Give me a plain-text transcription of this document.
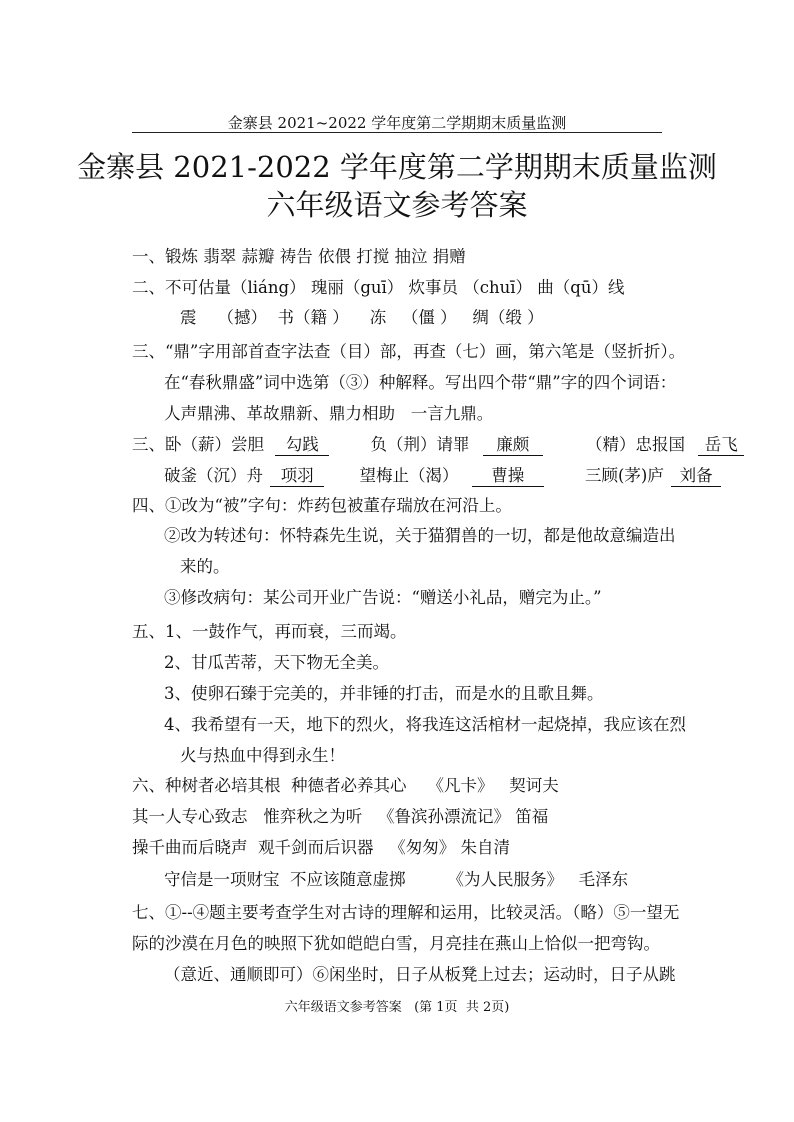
金寨县 2021~2022 学年度第二学期期末质量监测
金寨县 2021-2022 学年度第二学期期末质量监测
六年级语文参考答案
一、锻炼 翡翠 蒜瓣 祷告 依偎 打搅 抽泣 捐赠
二、不可估量（liáng） 瑰丽（guī） 炊事员 （chuī） 曲（qū）线
震    （撼）  书（籍 ）    冻   （僵 ）   绸（缎 ）
三、“鼎”字用部首查字法查（目）部，再查（七）画，第六笔是（竖折折）。
在“春秋鼎盛”词中选第（③）种解释。写出四个带“鼎”字的四个词语：
人声鼎沸、革故鼎新、鼎力相助   一言九鼎。
三、卧（薪）尝胆 勾践	负（荆）请罪 廉颇	（精）忠报国 岳飞
破釜（沉）舟 项羽	望梅止（渴） 曹操	三顾(茅)庐 刘备
四、①改为“被”字句：炸药包被董存瑞放在河沿上。
②改为转述句：怀特森先生说，关于猫猬兽的一切，都是他故意编造出
来的。
③修改病句：某公司开业广告说：“赠送小礼品，赠完为止。”
五、1、一鼓作气，再而衰，三而竭。
2、甘瓜苦蒂，天下物无全美。
3、使卵石臻于完美的，并非锤的打击，而是水的且歌且舞。
4、我希望有一天，地下的烈火，将我连这活棺材一起烧掉，我应该在烈
火与热血中得到永生！
六、种树者必培其根  种德者必养其心    《凡卡》   契诃夫
其一人专心致志   惟弈秋之为听   《鲁滨孙漂流记》 笛福
操千曲而后晓声  观千剑而后识器   《匆匆》 朱自清
守信是一项财宝  不应该随意虚掷        《为人民服务》   毛泽东
七、①--④题主要考查学生对古诗的理解和运用，比较灵活。（略）⑤一望无
际的沙漠在月色的映照下犹如皑皑白雪，月亮挂在燕山上恰似一把弯钩。
（意近、通顺即可）⑥闲坐时，日子从板凳上过去；运动时，日子从跳
六年级语文参考答案   (第 1页  共 2页)
